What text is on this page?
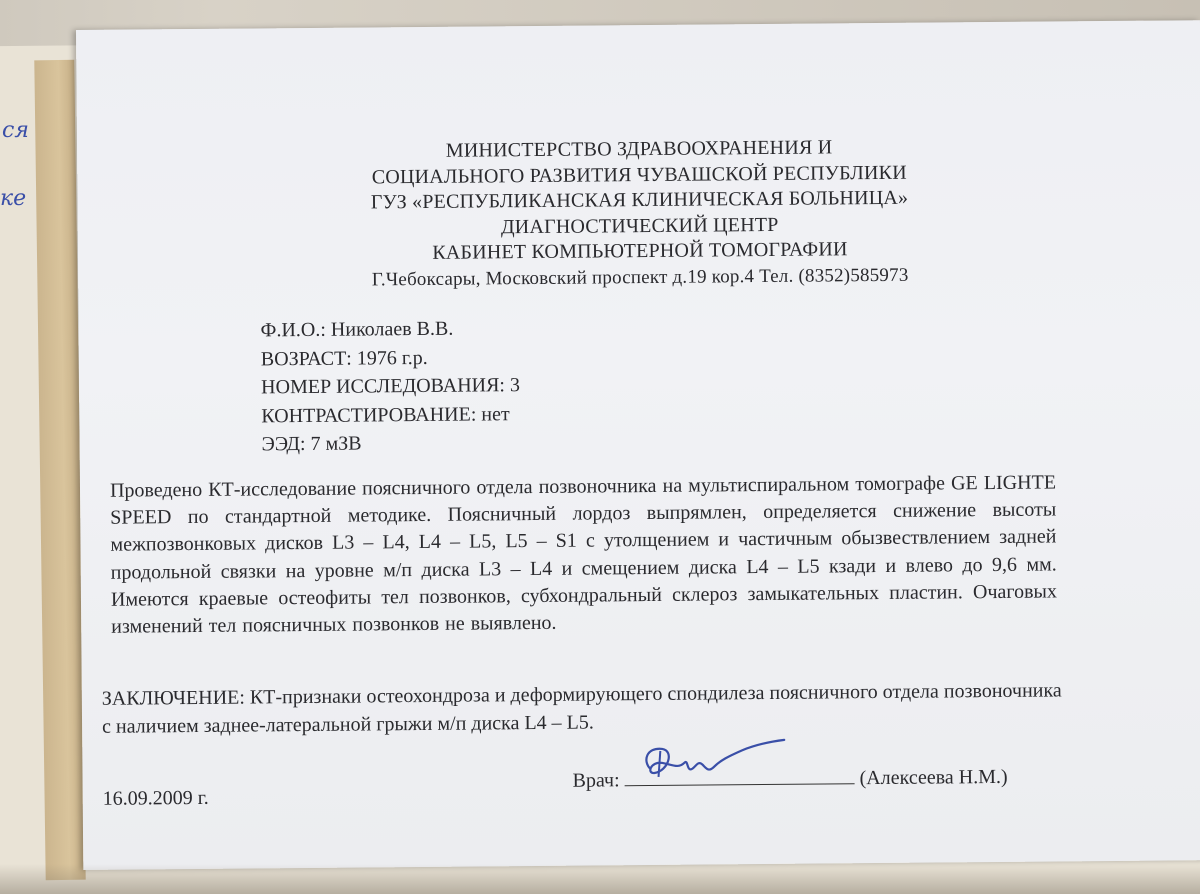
ся
ке
МИНИСТЕРСТВО ЗДРАВООХРАНЕНИЯ И
СОЦИАЛЬНОГО РАЗВИТИЯ ЧУВАШСКОЙ РЕСПУБЛИКИ
ГУЗ «РЕСПУБЛИКАНСКАЯ КЛИНИЧЕСКАЯ БОЛЬНИЦА»
ДИАГНОСТИЧЕСКИЙ ЦЕНТР
КАБИНЕТ КОМПЬЮТЕРНОЙ ТОМОГРАФИИ
Г.Чебоксары, Московский проспект д.19 кор.4 Тел. (8352)585973
Ф.И.О.: Николаев В.В.
ВОЗРАСТ: 1976 г.р.
НОМЕР ИССЛЕДОВАНИЯ: 3
КОНТРАСТИРОВАНИЕ: нет
ЭЭД: 7 мЗВ
Проведено КТ-исследование поясничного отдела позвоночника на мультиспиральном томографе GE LIGHTE SPEED по стандартной методике. Поясничный лордоз выпрямлен, определяется снижение высоты межпозвонковых дисков L3 – L4, L4 – L5, L5 – S1 с утолщением и частичным обызвествлением задней продольной связки на уровне м/п диска L3 – L4 и смещением диска L4 – L5 кзади и влево до 9,6 мм. Имеются краевые остеофиты тел позвонков, субхондральный склероз замыкательных пластин. Очаговых изменений тел поясничных позвонков не выявлено.
ЗАКЛЮЧЕНИЕ: КТ-признаки остеохондроза и деформирующего спондилеза поясничного отдела позвоночника с наличием заднее-латеральной грыжи м/п диска L4 – L5.
16.09.2009 г.
Врач:	(Алексеева Н.М.)
